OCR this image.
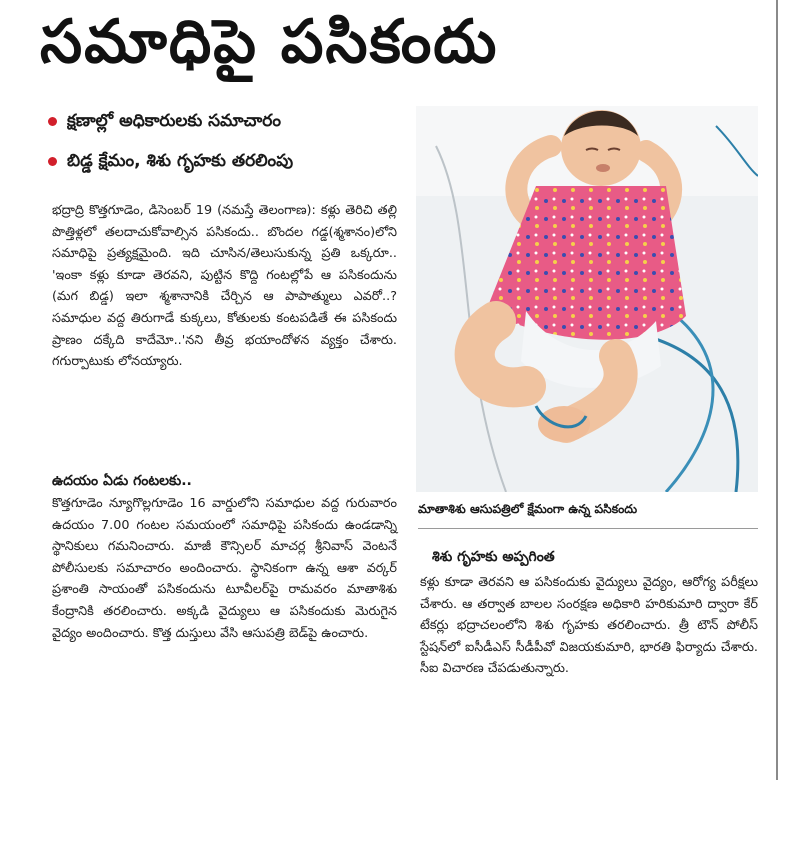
సమాధిపై పసికందు
క్షణాల్లో అధికారులకు సమాచారం
బిడ్డ క్షేమం, శిశు గృహకు తరలింపు

భద్రాద్రి కొత్తగూడెం, డిసెంబర్ 19 (నమస్తే తెలంగాణ): కళ్లు తెరిచి తల్లి పొత్తిళ్లలో తలదాచుకోవాల్సిన పసికందు.. బొందల గడ్డ(శ్మశానం)లోని సమాధిపై ప్రత్యక్షమైంది. ఇది చూసిన/తెలుసుకున్న ప్రతి ఒక్కరూ.. 'ఇంకా కళ్లు కూడా తెరవని, పుట్టిన కొద్ది గంటల్లోపే ఆ పసికందును (మగ బిడ్డ) ఇలా శ్మశానానికి చేర్చిన ఆ పాపాత్ములు ఎవరో..? సమాధుల వద్ద తిరుగాడే కుక్కలు, కోతులకు కంటపడితే ఈ పసికందు ప్రాణం దక్కేది కాదేమో..'నని తీవ్ర భయాందోళన వ్యక్తం చేశారు. గగుర్పాటుకు లోనయ్యారు.

ఉదయం ఏడు గంటలకు..

కొత్తగూడెం న్యూగొల్లగూడెం 16 వార్డులోని సమాధుల వద్ద గురువారం ఉదయం 7.00 గంటల సమయంలో సమాధిపై పసికందు ఉండడాన్ని స్థానికులు గమనించారు. మాజీ కౌన్సిలర్ మాచర్ల శ్రీనివాస్ వెంటనే పోలీసులకు సమాచారం అందించారు. స్థానికంగా ఉన్న ఆశా వర్కర్ ప్రశాంతి సాయంతో పసికందును టూవీలర్‌పై రామవరం మాతాశిశు కేంద్రానికి తరలించారు. అక్కడి వైద్యులు ఆ పసికందుకు మెరుగైన వైద్యం అందించారు. కొత్త దుస్తులు వేసి ఆసుపత్రి బెడ్‌పై ఉంచారు.

మాతాశిశు ఆసుపత్రిలో క్షేమంగా ఉన్న పసికందు
శిశు గృహకు అప్పగింత

కళ్లు కూడా తెరవని ఆ పసికందుకు వైద్యులు వైద్యం, ఆరోగ్య పరీక్షలు చేశారు. ఆ తర్వాత బాలల సంరక్షణ అధికారి హరికుమారి ద్వారా కేర్ టేకర్లు భద్రాచలంలోని శిశు గృహకు తరలించారు. త్రీ టౌన్ పోలీస్ స్టేషన్‌లో ఐసీడీఎస్ సీడీపీవో విజయకుమారి, భారతి ఫిర్యాదు చేశారు. సీఐ విచారణ చేపడుతున్నారు.
